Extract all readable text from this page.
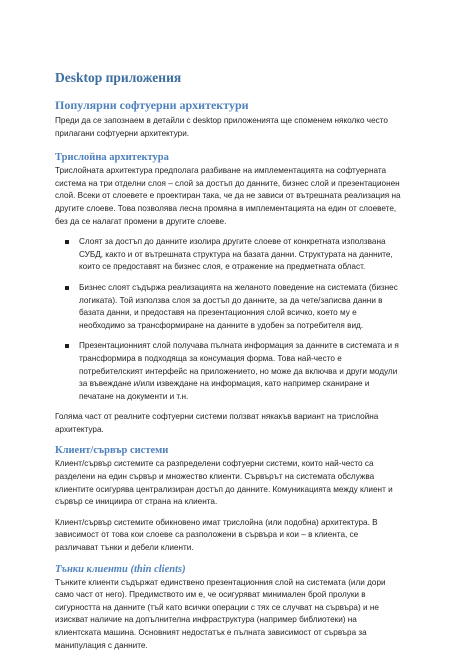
Desktop приложения
Популярни софтуерни архитектури
Преди да се запознаем в детайли с desktop приложенията ще споменем няколко често прилагани софтуерни архитектури.
Трислойна архитектура
Трислойната архитектура предполага разбиване на имплементацията на софтуерната система на три отделни слоя – слой за достъп до данните, бизнес слой и презентационен слой. Всеки от слоевете е проектиран така, че да не зависи от вътрешната реализация на другите слоеве. Това позволява лесна промяна в имплементацията на един от слоевете, без да се налагат промени в другите слоеве.
Слоят за достъп до данните изолира другите слоеве от конкретната използвана СУБД, както и от вътрешната структура на базата данни. Структурата на данните, които се предоставят на бизнес слоя, е отражение на предметната област.
Бизнес слоят съдържа реализацията на желаното поведение на системата (бизнес логиката). Той използва слоя за достъп до данните, за да чете/записва данни в базата данни, и предоставя на презентационния слой всичко, което му е необходимо за трансформиране на данните в удобен за потребителя вид.
Презентационният слой получава пълната информация за данните в системата и я трансформира в подходяща за консумация форма. Това най-често е потребителският интерфейс на приложението, но може да включва и други модули за въвеждане и/или извеждане на информация, като например сканиране и печатане на документи и т.н.
Голяма част от реалните софтуерни системи ползват някакъв вариант на трислойна архитектура.
Клиент/сървър системи
Клиент/сървър системите са разпределени софтуерни системи, които най-често са разделени на един сървър и множество клиенти. Сървърът на системата обслужва клиентите осигурява централизиран достъп до данните. Комуникацията между клиент и сървър се инициира от страна на клиента.
Клиент/сървър системите обикновено имат трислойна (или подобна) архитектура. В зависимост от това кои слоеве са разположени в сървъра и кои – в клиента, се различават тънки и дебели клиенти.
Тънки клиенти (thin clients)
Тънките клиенти съдържат единствено презентационния слой на системата (или дори само част от него). Предимството им е, че осигуряват минимален брой пролуки в сигурността на данните (тъй като всички операции с тях се случват на сървъра) и не изискват наличие на допълнителна инфраструктура (например библиотеки) на клиентската машина. Основният недостатък е пълната зависимост от сървъра за манипулация с данните.
